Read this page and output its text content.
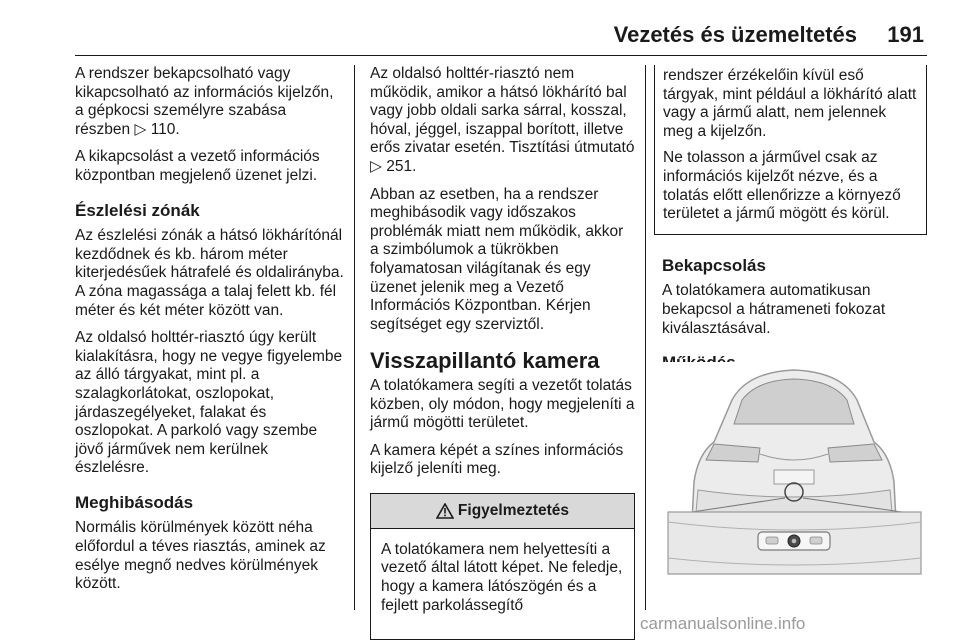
Vezetés és üzemeltetés	191

A rendszer bekapcsolható vagy kikapcsolható az információs kijelzőn, a gépkocsi személyre szabása részben ▷ 110.

A kikapcsolást a vezető információs központban megjelenő üzenet jelzi.

Észlelési zónák

Az észlelési zónák a hátsó lökhárítónál kezdődnek és kb. három méter kiterjedésűek hátrafelé és oldalirányba. A zóna magassága a talaj felett kb. fél méter és két méter között van.

Az oldalsó holttér-riasztó úgy került kialakításra, hogy ne vegye figyelembe az álló tárgyakat, mint pl. a szalagkorlátokat, oszlopokat, járdaszegélyeket, falakat és oszlopokat. A parkoló vagy szembe jövő járművek nem kerülnek észlelésre.

Meghibásodás

Normális körülmények között néha előfordul a téves riasztás, aminek az esélye megnő nedves körülmények között.

Az oldalsó holttér-riasztó nem működik, amikor a hátsó lökhárító bal vagy jobb oldali sarka sárral, kosszal, hóval, jéggel, iszappal borított, illetve erős zivatar esetén. Tisztítási útmutató ▷ 251.

Abban az esetben, ha a rendszer meghibásodik vagy időszakos problémák miatt nem működik, akkor a szimbólumok a tükrökben folyamatosan világítanak és egy üzenet jelenik meg a Vezető Információs Központban. Kérjen segítséget egy szerviztől.

Visszapillantó kamera

A tolatókamera segíti a vezetőt tolatás közben, oly módon, hogy megjeleníti a jármű mögötti területet.

A kamera képét a színes információs kijelző jeleníti meg.

Figyelmeztetés
A tolatókamera nem helyettesíti a vezető által látott képet. Ne feledje, hogy a kamera látószögén és a fejlett parkolássegítő

rendszer érzékelőin kívül eső tárgyak, mint például a lökhárító alatt vagy a jármű alatt, nem jelennek meg a kijelzőn.

Ne tolasson a járművel csak az információs kijelzőt nézve, és a tolatás előtt ellenőrizze a környező területet a jármű mögött és körül.

Bekapcsolás

A tolatókamera automatikusan bekapcsol a hátrameneti fokozat kiválasztásával.

carmanualsonline.info
